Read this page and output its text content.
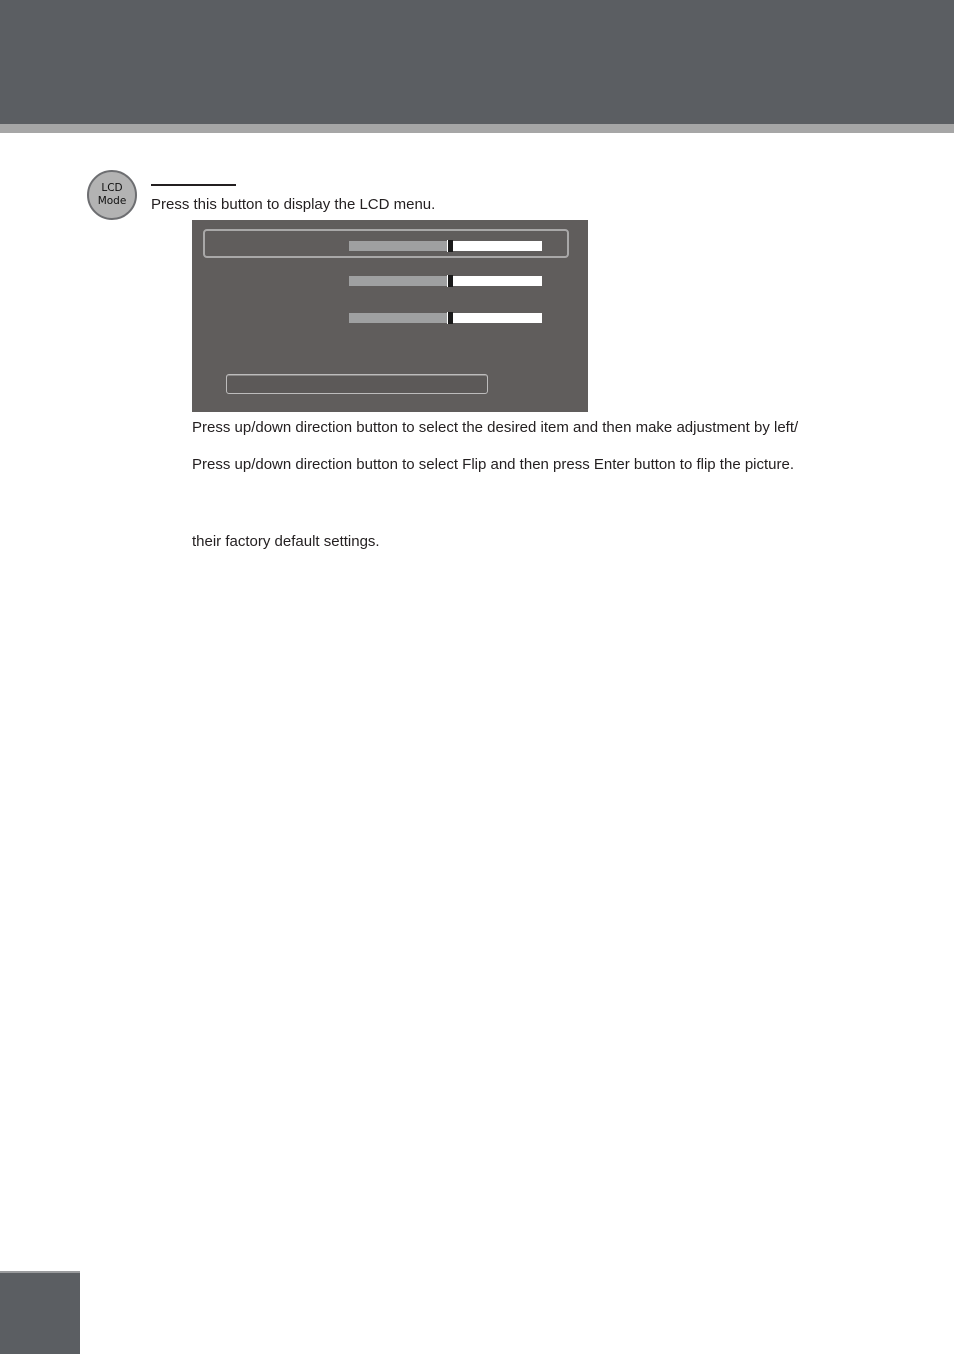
LCD
Mode Press this button to display the LCD menu.
Press up/down direction button to select the desired item and then make adjustment by left/
Press up/down direction button to select Flip and then press Enter button to flip the picture.
their factory default settings.
